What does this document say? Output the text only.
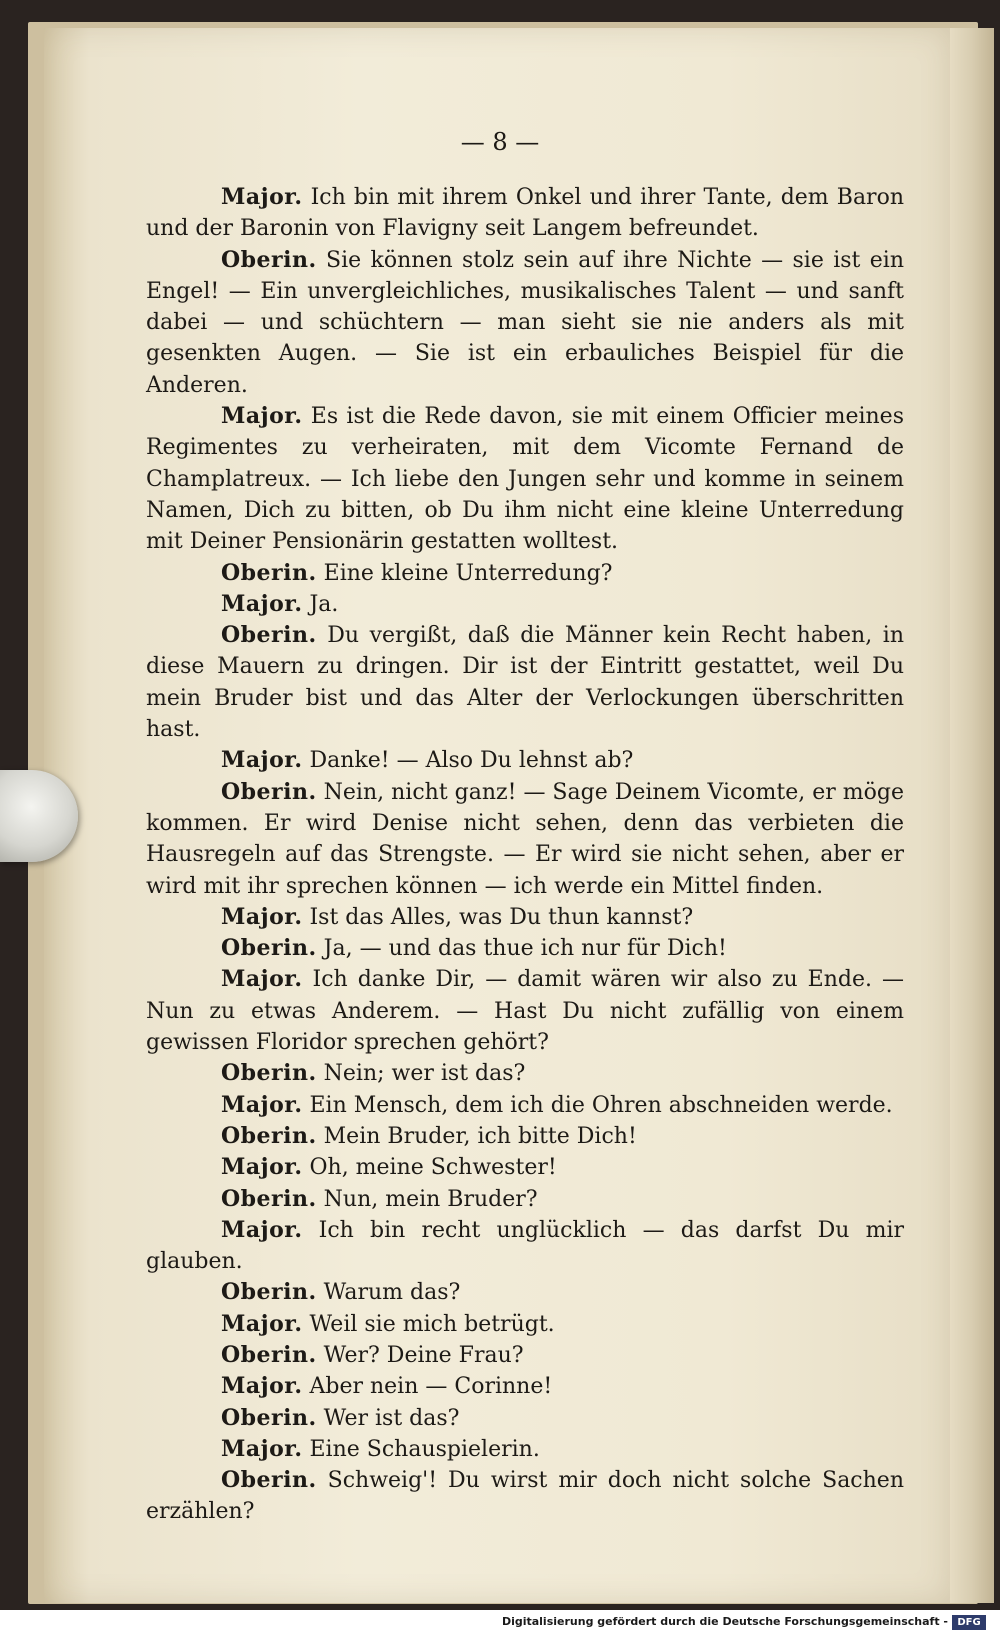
— 8 —

Major. Ich bin mit ihrem Onkel und ihrer Tante, dem Baron und der Baronin von Flavigny seit Langem befreundet.

Oberin. Sie können stolz sein auf ihre Nichte — sie ist ein Engel! — Ein unvergleichliches, musikalisches Talent — und sanft dabei — und schüchtern — man sieht sie nie anders als mit gesenkten Augen. — Sie ist ein erbauliches Beispiel für die Anderen.

Major. Es ist die Rede davon, sie mit einem Officier meines Regimentes zu verheiraten, mit dem Vicomte Fernand de Champlatreux. — Ich liebe den Jungen sehr und komme in seinem Namen, Dich zu bitten, ob Du ihm nicht eine kleine Unterredung mit Deiner Pensionärin gestatten wolltest.

Oberin. Eine kleine Unterredung?

Major. Ja.

Oberin. Du vergißt, daß die Männer kein Recht haben, in diese Mauern zu dringen. Dir ist der Eintritt gestattet, weil Du mein Bruder bist und das Alter der Verlockungen überschritten hast.

Major. Danke! — Also Du lehnst ab?

Oberin. Nein, nicht ganz! — Sage Deinem Vicomte, er möge kommen. Er wird Denise nicht sehen, denn das verbieten die Hausregeln auf das Strengste. — Er wird sie nicht sehen, aber er wird mit ihr sprechen können — ich werde ein Mittel finden.

Major. Ist das Alles, was Du thun kannst?

Oberin. Ja, — und das thue ich nur für Dich!

Major. Ich danke Dir, — damit wären wir also zu Ende. — Nun zu etwas Anderem. — Hast Du nicht zufällig von einem gewissen Floridor sprechen gehört?

Oberin. Nein; wer ist das?

Major. Ein Mensch, dem ich die Ohren abschneiden werde.

Oberin. Mein Bruder, ich bitte Dich!

Major. Oh, meine Schwester!

Oberin. Nun, mein Bruder?

Major. Ich bin recht unglücklich — das darfst Du mir glauben.

Oberin. Warum das?

Major. Weil sie mich betrügt.

Oberin. Wer? Deine Frau?

Major. Aber nein — Corinne!

Oberin. Wer ist das?

Major. Eine Schauspielerin.

Oberin. Schweig'! Du wirst mir doch nicht solche Sachen erzählen?

Digitalisierung gefördert durch die Deutsche Forschungsgemeinschaft - DFG
